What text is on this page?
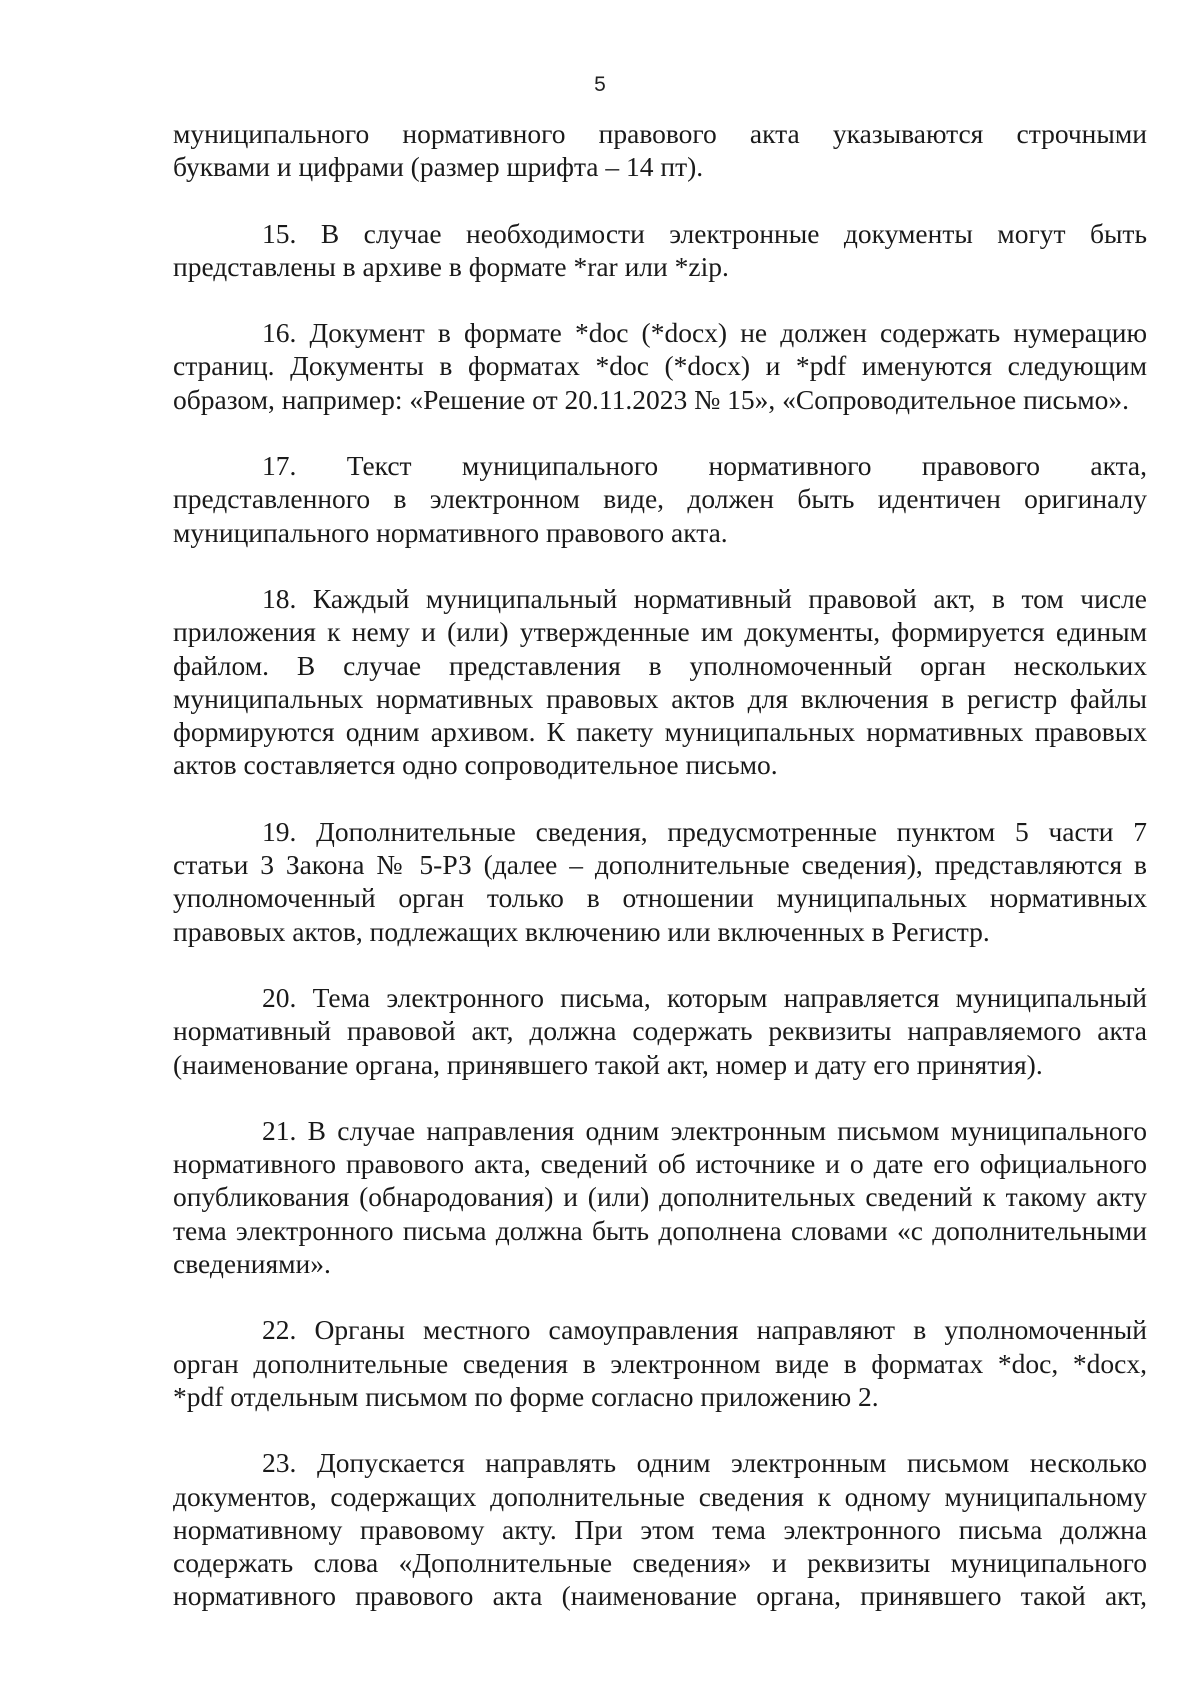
5
муниципального нормативного правового акта указываются строчными
буквами и цифрами (размер шрифта – 14 пт).
15. В случае необходимости электронные документы могут быть
представлены в архиве в формате *rar или *zip.
16. Документ в формате *doc (*docx) не должен содержать нумерацию
страниц. Документы в форматах *doc (*docx) и *pdf именуются следующим
образом, например: «Решение от 20.11.2023 № 15», «Сопроводительное письмо».
17. Текст муниципального нормативного правового акта,
представленного в электронном виде, должен быть идентичен оригиналу
муниципального нормативного правового акта.
18. Каждый муниципальный нормативный правовой акт, в том числе
приложения к нему и (или) утвержденные им документы, формируется единым
файлом. В случае представления в уполномоченный орган нескольких
муниципальных нормативных правовых актов для включения в регистр файлы
формируются одним архивом. К пакету муниципальных нормативных правовых
актов составляется одно сопроводительное письмо.
19. Дополнительные сведения, предусмотренные пунктом 5 части 7
статьи 3 Закона № 5-РЗ (далее – дополнительные сведения), представляются в
уполномоченный орган только в отношении муниципальных нормативных
правовых актов, подлежащих включению или включенных в Регистр.
20. Тема электронного письма, которым направляется муниципальный
нормативный правовой акт, должна содержать реквизиты направляемого акта
(наименование органа, принявшего такой акт, номер и дату его принятия).
21. В случае направления одним электронным письмом муниципального
нормативного правового акта, сведений об источнике и о дате его официального
опубликования (обнародования) и (или) дополнительных сведений к такому акту
тема электронного письма должна быть дополнена словами «с дополнительными
сведениями».
22. Органы местного самоуправления направляют в уполномоченный
орган дополнительные сведения в электронном виде в форматах *doc, *docx,
*pdf отдельным письмом по форме согласно приложению 2.
23. Допускается направлять одним электронным письмом несколько
документов, содержащих дополнительные сведения к одному муниципальному
нормативному правовому акту. При этом тема электронного письма должна
содержать слова «Дополнительные сведения» и реквизиты муниципального
нормативного правового акта (наименование органа, принявшего такой акт,
